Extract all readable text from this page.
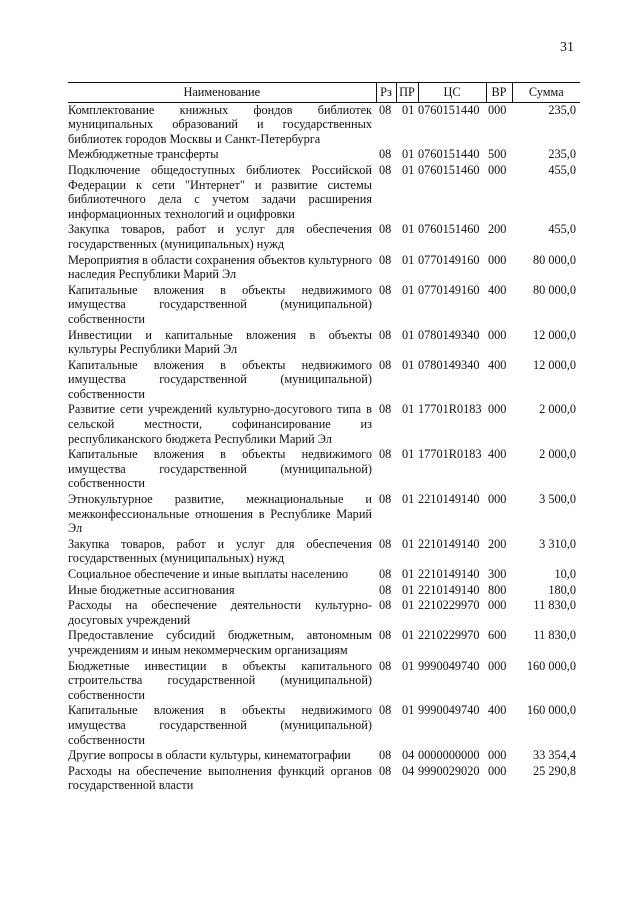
31
Наименование	Рз	ПР	ЦС	ВР	Сумма
Комплектование книжных фондов библиотек муниципальных образований и государственных библиотек городов Москвы и Санкт-Петербурга	08	01	0760151440	000	235,0
Межбюджетные трансферты	08	01	0760151440	500	235,0
Подключение общедоступных библиотек Российской Федерации к сети "Интернет" и развитие системы библиотечного дела с учетом задачи расширения информационных технологий и оцифровки	08	01	0760151460	000	455,0
Закупка товаров, работ и услуг для обеспечения государственных (муниципальных) нужд	08	01	0760151460	200	455,0
Мероприятия в области сохранения объектов культурного наследия Республики Марий Эл	08	01	0770149160	000	80 000,0
Капитальные вложения в объекты недвижимого имущества государственной (муниципальной) собственности	08	01	0770149160	400	80 000,0
Инвестиции и капитальные вложения в объекты культуры Республики Марий Эл	08	01	0780149340	000	12 000,0
Капитальные вложения в объекты недвижимого имущества государственной (муниципальной) собственности	08	01	0780149340	400	12 000,0
Развитие сети учреждений культурно-досугового типа в сельской местности, софинансирование из республиканского бюджета Республики Марий Эл	08	01	17701R0183	000	2 000,0
Капитальные вложения в объекты недвижимого имущества государственной (муниципальной) собственности	08	01	17701R0183	400	2 000,0
Этнокультурное развитие, межнациональные и межконфессиональные отношения в Республике Марий Эл	08	01	2210149140	000	3 500,0
Закупка товаров, работ и услуг для обеспечения государственных (муниципальных) нужд	08	01	2210149140	200	3 310,0
Социальное обеспечение и иные выплаты населению	08	01	2210149140	300	10,0
Иные бюджетные ассигнования	08	01	2210149140	800	180,0
Расходы на обеспечение деятельности культурно-досуговых учреждений	08	01	2210229970	000	11 830,0
Предоставление субсидий бюджетным, автономным учреждениям и иным некоммерческим организациям	08	01	2210229970	600	11 830,0
Бюджетные инвестиции в объекты капитального строительства государственной (муниципальной) собственности	08	01	9990049740	000	160 000,0
Капитальные вложения в объекты недвижимого имущества государственной (муниципальной) собственности	08	01	9990049740	400	160 000,0
Другие вопросы в области культуры, кинематографии	08	04	0000000000	000	33 354,4
Расходы на обеспечение выполнения функций органов государственной власти	08	04	9990029020	000	25 290,8
